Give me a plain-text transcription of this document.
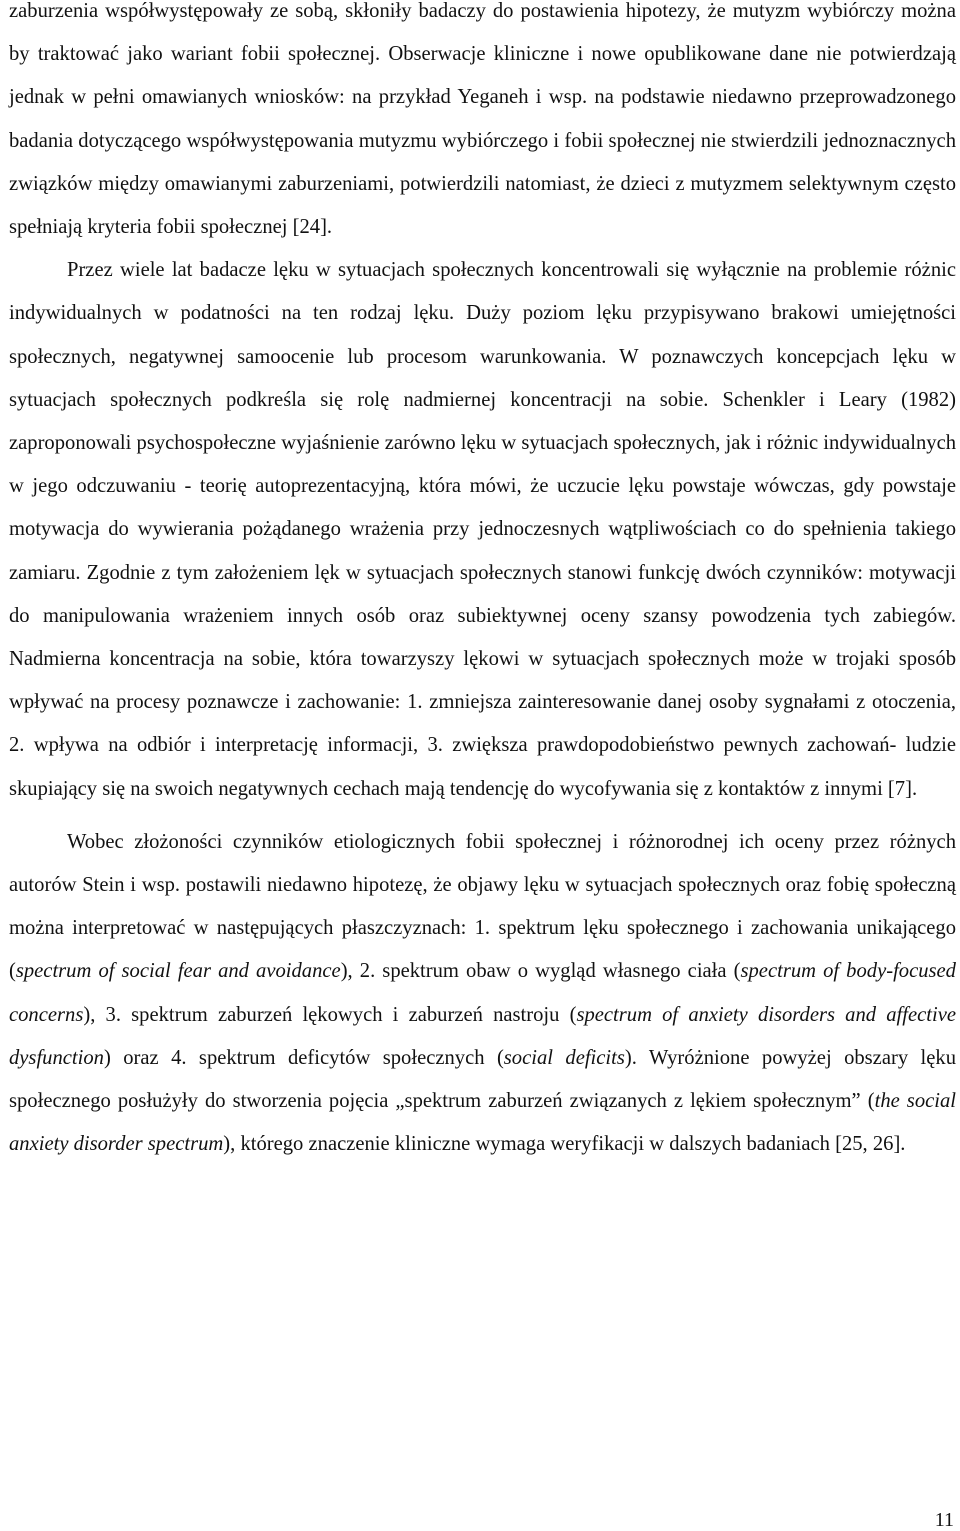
zaburzenia współwystępowały ze sobą, skłoniły badaczy do postawienia hipotezy, że mutyzm wybiórczy można by traktować jako wariant fobii społecznej. Obserwacje kliniczne i nowe opublikowane dane nie potwierdzają jednak w pełni omawianych wniosków: na przykład Yeganeh i wsp. na podstawie niedawno przeprowadzonego badania dotyczącego współwystępowania mutyzmu wybiórczego i fobii społecznej nie stwierdzili jednoznacznych związków między omawianymi zaburzeniami, potwierdzili natomiast, że dzieci z mutyzmem selektywnym często spełniają kryteria fobii społecznej [24].

Przez wiele lat badacze lęku w sytuacjach społecznych koncentrowali się wyłącznie na problemie różnic indywidualnych w podatności na ten rodzaj lęku. Duży poziom lęku przypisywano brakowi umiejętności społecznych, negatywnej samoocenie lub procesom warunkowania. W poznawczych koncepcjach lęku w sytuacjach społecznych podkreśla się rolę nadmiernej koncentracji na sobie. Schenkler i Leary (1982) zaproponowali psychospołeczne wyjaśnienie zarówno lęku w sytuacjach społecznych, jak i różnic indywidualnych w jego odczuwaniu - teorię autoprezentacyjną, która mówi, że uczucie lęku powstaje wówczas, gdy powstaje motywacja do wywierania pożądanego wrażenia przy jednoczesnych wątpliwościach co do spełnienia takiego zamiaru. Zgodnie z tym założeniem lęk w sytuacjach społecznych stanowi funkcję dwóch czynników: motywacji do manipulowania wrażeniem innych osób oraz subiektywnej oceny szansy powodzenia tych zabiegów. Nadmierna koncentracja na sobie, która towarzyszy lękowi w sytuacjach społecznych może w trojaki sposób wpływać na procesy poznawcze i zachowanie: 1. zmniejsza zainteresowanie danej osoby sygnałami z otoczenia, 2. wpływa na odbiór i interpretację informacji, 3. zwiększa prawdopodobieństwo pewnych zachowań- ludzie skupiający się na swoich negatywnych cechach mają tendencję do wycofywania się z kontaktów z innymi [7].

Wobec złożoności czynników etiologicznych fobii społecznej i różnorodnej ich oceny przez różnych autorów Stein i wsp. postawili niedawno hipotezę, że objawy lęku w sytuacjach społecznych oraz fobię społeczną można interpretować w następujących płaszczyznach: 1. spektrum lęku społecznego i zachowania unikającego (spectrum of social fear and avoidance), 2. spektrum obaw o wygląd własnego ciała (spectrum of body-focused concerns), 3. spektrum zaburzeń lękowych i zaburzeń nastroju (spectrum of anxiety disorders and affective dysfunction) oraz 4. spektrum deficytów społecznych (social deficits). Wyróżnione powyżej obszary lęku społecznego posłużyły do stworzenia pojęcia „spektrum zaburzeń związanych z lękiem społecznym” (the social anxiety disorder spectrum), którego znaczenie kliniczne wymaga weryfikacji w dalszych badaniach [25, 26].

11
